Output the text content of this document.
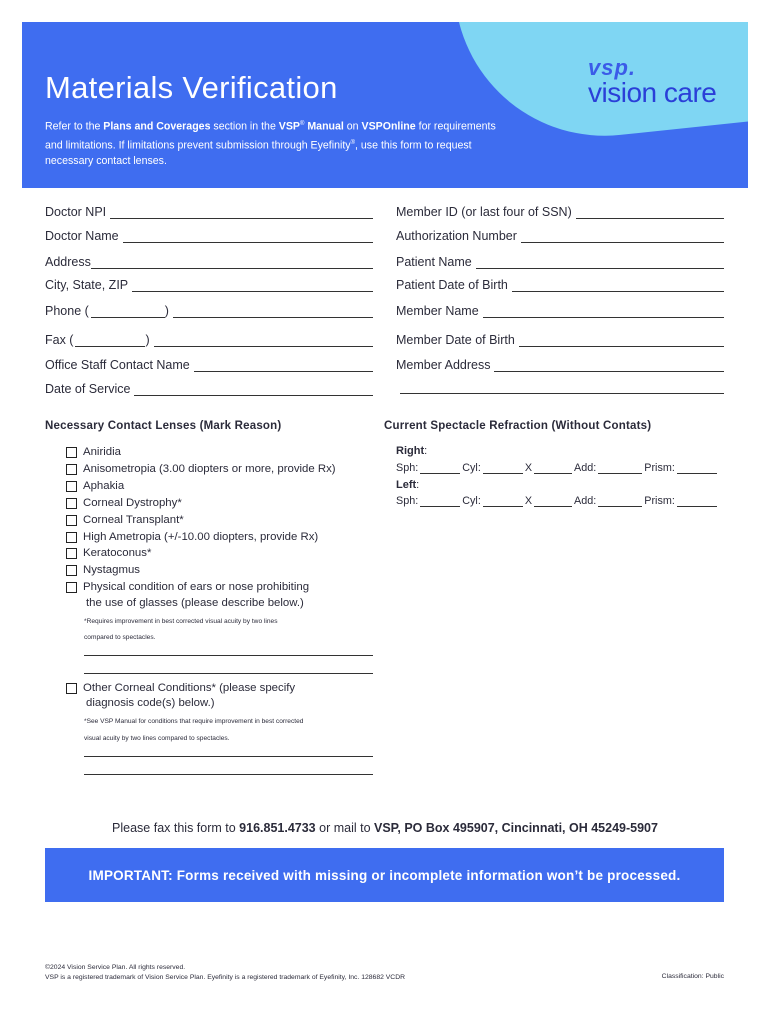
vsp.
vision care
Materials Verification
Refer to the Plans and Coverages section in the VSP® Manual on VSPOnline for requirements and limitations. If limitations prevent submission through Eyefinity®, use this form to request necessary contact lenses.
Doctor NPI
Doctor Name
Address
City, State, ZIP
Phone (	)
Fax (	)
Office Staff Contact Name
Date of Service
Member ID (or last four of SSN)
Authorization Number
Patient Name
Patient Date of Birth
Member Name
Member Date of Birth
Member Address
Necessary Contact Lenses (Mark Reason)
Aniridia
Anisometropia (3.00 diopters or more, provide Rx)
Aphakia
Corneal Dystrophy*
Corneal Transplant*
High Ametropia (+/-10.00 diopters, provide Rx)
Keratoconus*
Nystagmus
Physical condition of ears or nose prohibiting
the use of glasses (please describe below.)
*Requires improvement in best corrected visual acuity by two lines
compared to spectacles.
Other Corneal Conditions* (please specify
diagnosis code(s) below.)
*See VSP Manual for conditions that require improvement in best corrected
visual acuity by two lines compared to spectacles.
Current Spectacle Refraction (Without Contats)
Right:
Sph:	Cyl:	X	Add:	Prism:
Left:
Sph:	Cyl:	X	Add:	Prism:
Please fax this form to 916.851.4733 or mail to VSP, PO Box 495907, Cincinnati, OH 45249-5907
IMPORTANT: Forms received with missing or incomplete information won’t be processed.
©2024 Vision Service Plan. All rights reserved.
VSP is a registered trademark of Vision Service Plan. Eyefinity is a registered trademark of Eyefinity, Inc. 128682 VCDR	Classification: Public
